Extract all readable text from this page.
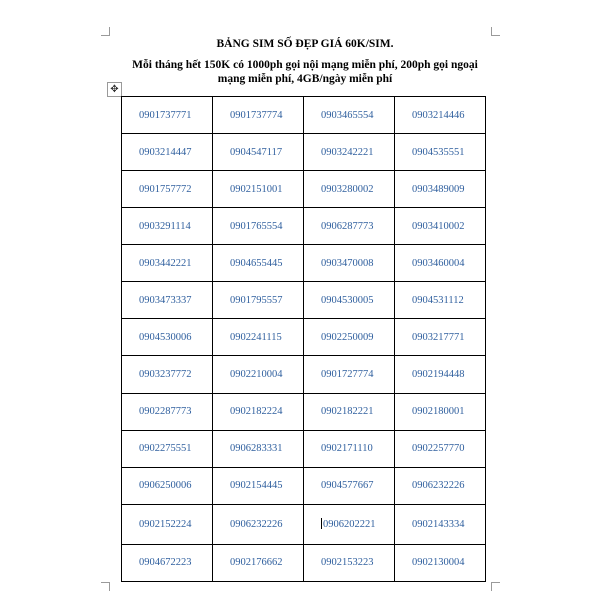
BẢNG SIM SỐ ĐẸP GIÁ 60K/SIM.
Mỗi tháng hết 150K có 1000ph gọi nội mạng miễn phí, 200ph gọi ngoại mạng miễn phí, 4GB/ngày miễn phí
✥
0901737771	0901737774	0903465554	0903214446
0903214447	0904547117	0903242221	0904535551
0901757772	0902151001	0903280002	0903489009
0903291114	0901765554	0906287773	0903410002
0903442221	0904655445	0903470008	0903460004
0903473337	0901795557	0904530005	0904531112
0904530006	0902241115	0902250009	0903217771
0903237772	0902210004	0901727774	0902194448
0902287773	0902182224	0902182221	0902180001
0902275551	0906283331	0902171110	0902257770
0906250006	0902154445	0904577667	0906232226
0902152224	0906232226	0906202221	0902143334
0904672223	0902176662	0902153223	0902130004
